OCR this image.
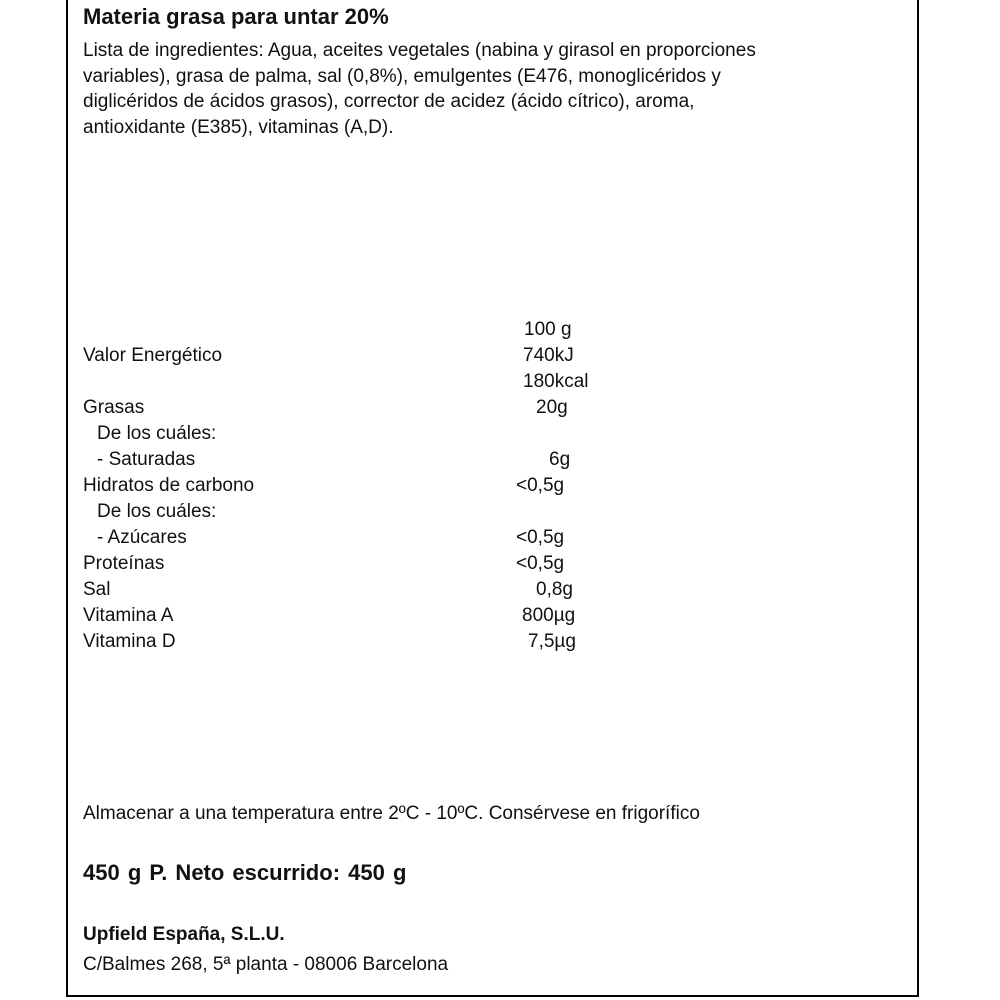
Materia grasa para untar 20%
Lista de ingredientes: Agua, aceites vegetales (nabina y girasol en proporciones
variables), grasa de palma, sal (0,8%), emulgentes (E476, monoglicéridos y
diglicéridos de ácidos grasos), corrector de acidez (ácido cítrico), aroma,
antioxidante (E385), vitaminas (A,D).
100 g
Valor Energético	740kJ
180kcal
Grasas	20g
De los cuáles:
- Saturadas	6g
Hidratos de carbono	<0,5g
De los cuáles:
- Azúcares	<0,5g
Proteínas	<0,5g
Sal	0,8g
Vitamina A	800µg
Vitamina D	7,5µg
Almacenar a una temperatura entre 2ºC - 10ºC. Consérvese en frigorífico
450 g P. Neto escurrido: 450 g
Upfield España, S.L.U.
C/Balmes 268, 5ª planta - 08006 Barcelona
